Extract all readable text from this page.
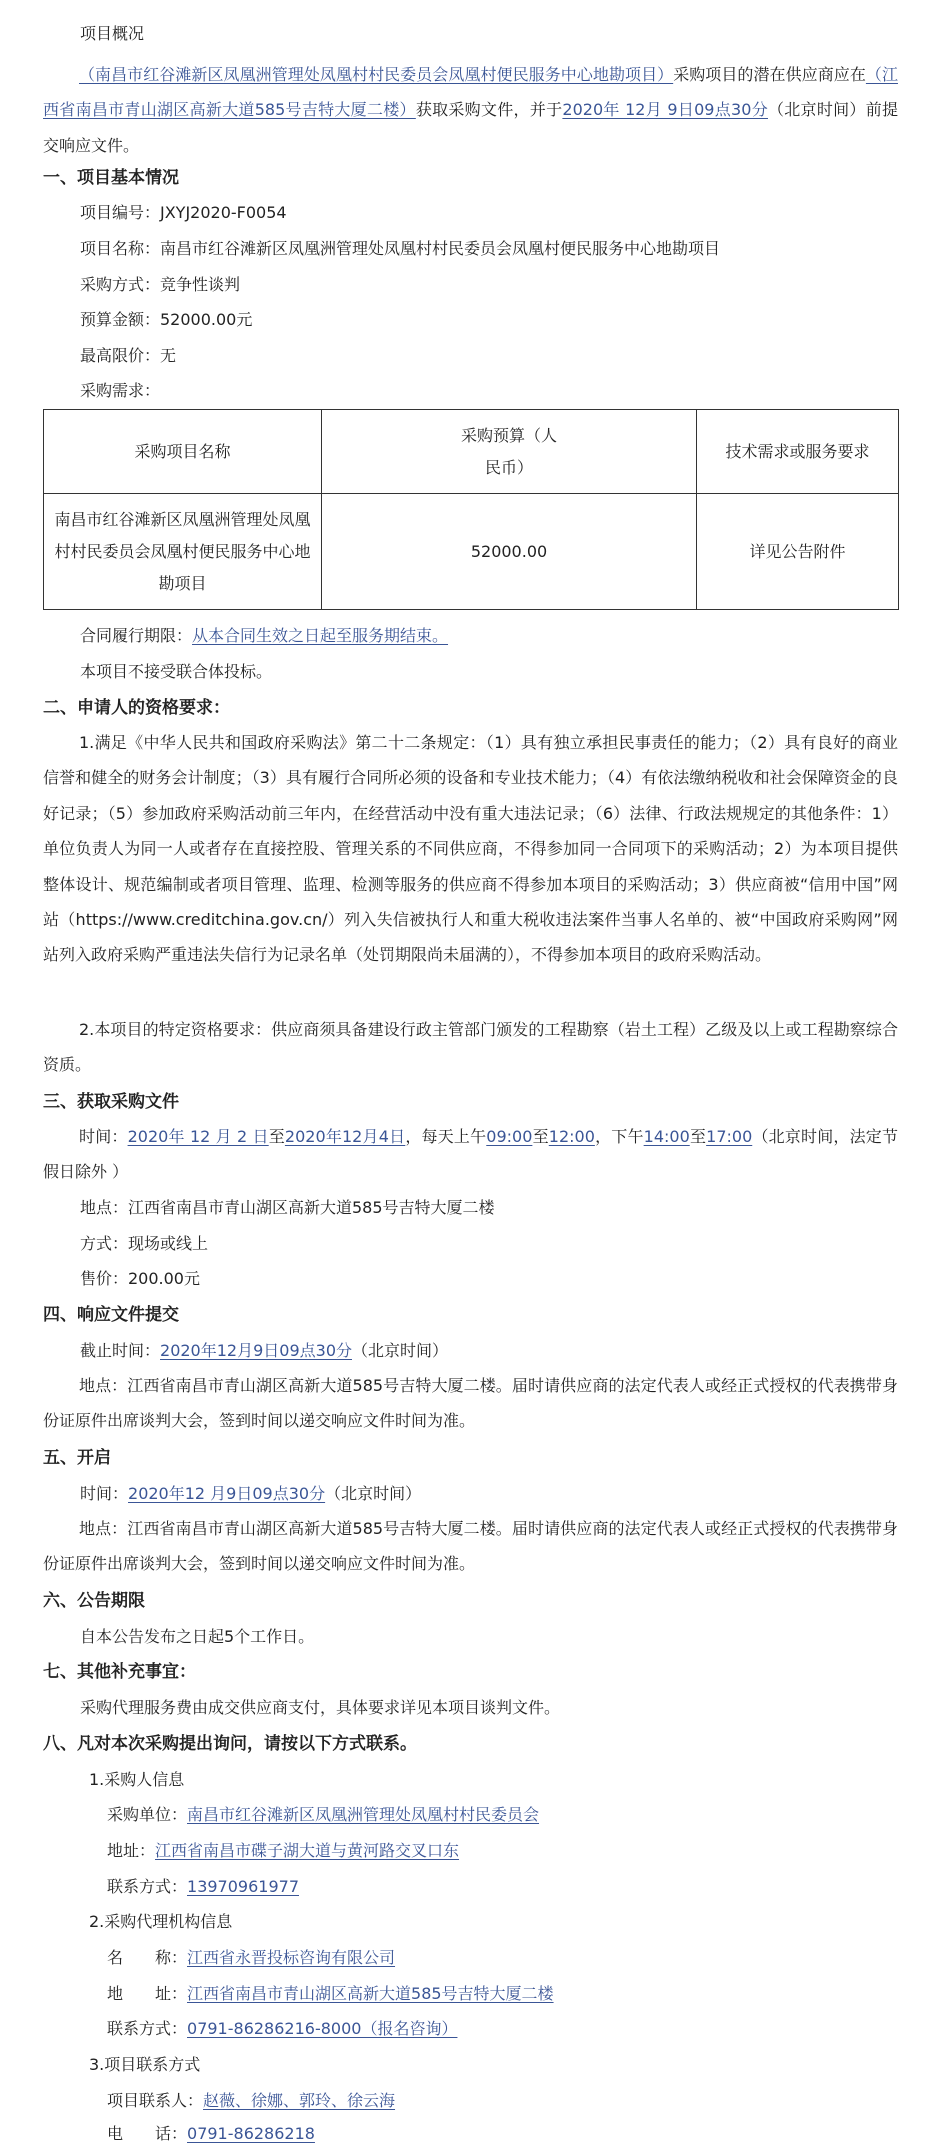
项目概况
（南昌市红谷滩新区凤凰洲管理处凤凰村村民委员会凤凰村便民服务中心地勘项目）采购项目的潜在供应商应在（江西省南昌市青山湖区高新大道585号吉特大厦二楼）获取采购文件，并于2020年 12月 9日09点30分（北京时间）前提交响应文件。
一、项目基本情况
项目编号：JXYJ2020-F0054
项目名称：南昌市红谷滩新区凤凰洲管理处凤凰村村民委员会凤凰村便民服务中心地勘项目
采购方式：竞争性谈判
预算金额：52000.00元
最高限价：无
采购需求：
采购项目名称	采购预算（人民币）	技术需求或服务要求
南昌市红谷滩新区凤凰洲管理处凤凰村村民委员会凤凰村便民服务中心地勘项目	52000.00	详见公告附件
合同履行期限：从本合同生效之日起至服务期结束。
本项目不接受联合体投标。
二、申请人的资格要求：
1.满足《中华人民共和国政府采购法》第二十二条规定：（1）具有独立承担民事责任的能力；（2）具有良好的商业信誉和健全的财务会计制度；（3）具有履行合同所必须的设备和专业技术能力；（4）有依法缴纳税收和社会保障资金的良好记录；（5）参加政府采购活动前三年内，在经营活动中没有重大违法记录；（6）法律、行政法规规定的其他条件：1）单位负责人为同一人或者存在直接控股、管理关系的不同供应商，不得参加同一合同项下的采购活动；2）为本项目提供整体设计、规范编制或者项目管理、监理、检测等服务的供应商不得参加本项目的采购活动；3）供应商被“信用中国”网站（https://www.creditchina.gov.cn/）列入失信被执行人和重大税收违法案件当事人名单的、被“中国政府采购网”网站列入政府采购严重违法失信行为记录名单（处罚期限尚未届满的），不得参加本项目的政府采购活动。
2.本项目的特定资格要求：供应商须具备建设行政主管部门颁发的工程勘察（岩土工程）乙级及以上或工程勘察综合资质。
三、获取采购文件
时间：2020年 12 月 2 日至2020年12月4日，每天上午09:00至12:00，下午14:00至17:00（北京时间，法定节假日除外 ）
地点：江西省南昌市青山湖区高新大道585号吉特大厦二楼
方式：现场或线上
售价：200.00元
四、响应文件提交
截止时间：2020年12月9日09点30分（北京时间）
地点：江西省南昌市青山湖区高新大道585号吉特大厦二楼。届时请供应商的法定代表人或经正式授权的代表携带身份证原件出席谈判大会，签到时间以递交响应文件时间为准。
五、开启
时间：2020年12 月9日09点30分（北京时间）
地点：江西省南昌市青山湖区高新大道585号吉特大厦二楼。届时请供应商的法定代表人或经正式授权的代表携带身份证原件出席谈判大会，签到时间以递交响应文件时间为准。
六、公告期限
自本公告发布之日起5个工作日。
七、其他补充事宜：
采购代理服务费由成交供应商支付，具体要求详见本项目谈判文件。
八、凡对本次采购提出询问，请按以下方式联系。
1.采购人信息
采购单位：南昌市红谷滩新区凤凰洲管理处凤凰村村民委员会
地址：江西省南昌市碟子湖大道与黄河路交叉口东
联系方式：13970961977
2.采购代理机构信息
名　　称：江西省永晋投标咨询有限公司
地　　址：江西省南昌市青山湖区高新大道585号吉特大厦二楼
联系方式：0791-86286216-8000（报名咨询）
3.项目联系方式
项目联系人：赵薇、徐娜、郭玲、徐云海
电　　话：0791-86286218
